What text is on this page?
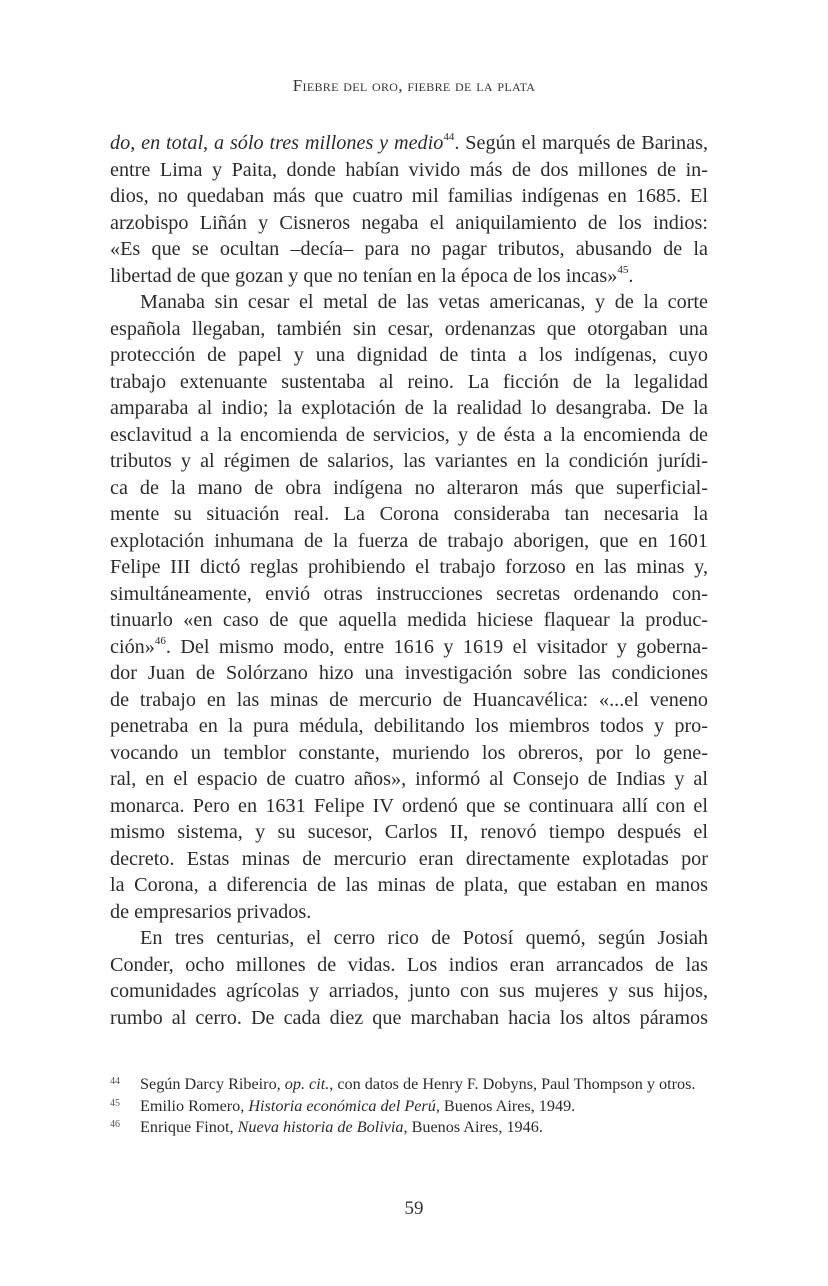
Fiebre del oro, fiebre de la plata
do, en total, a sólo tres millones y medio$^{44}$. Según el marqués de Barinas,
entre Lima y Paita, donde habían vivido más de dos millones de in-
dios, no quedaban más que cuatro mil familias indígenas en 1685. El
arzobispo Liñán y Cisneros negaba el aniquilamiento de los indios:
«Es que se ocultan –decía– para no pagar tributos, abusando de la
libertad de que gozan y que no tenían en la época de los incas»$^{45}$.
Manaba sin cesar el metal de las vetas americanas, y de la corte
española llegaban, también sin cesar, ordenanzas que otorgaban una
protección de papel y una dignidad de tinta a los indígenas, cuyo
trabajo extenuante sustentaba al reino. La ficción de la legalidad
amparaba al indio; la explotación de la realidad lo desangraba. De la
esclavitud a la encomienda de servicios, y de ésta a la encomienda de
tributos y al régimen de salarios, las variantes en la condición jurídi-
ca de la mano de obra indígena no alteraron más que superficial-
mente su situación real. La Corona consideraba tan necesaria la
explotación inhumana de la fuerza de trabajo aborigen, que en 1601
Felipe III dictó reglas prohibiendo el trabajo forzoso en las minas y,
simultáneamente, envió otras instrucciones secretas ordenando con-
tinuarlo «en caso de que aquella medida hiciese flaquear la produc-
ción»$^{46}$. Del mismo modo, entre 1616 y 1619 el visitador y goberna-
dor Juan de Solórzano hizo una investigación sobre las condiciones
de trabajo en las minas de mercurio de Huancavélica: «...el veneno
penetraba en la pura médula, debilitando los miembros todos y pro-
vocando un temblor constante, muriendo los obreros, por lo gene-
ral, en el espacio de cuatro años», informó al Consejo de Indias y al
monarca. Pero en 1631 Felipe IV ordenó que se continuara allí con el
mismo sistema, y su sucesor, Carlos II, renovó tiempo después el
decreto. Estas minas de mercurio eran directamente explotadas por
la Corona, a diferencia de las minas de plata, que estaban en manos
de empresarios privados.
En tres centurias, el cerro rico de Potosí quemó, según Josiah
Conder, ocho millones de vidas. Los indios eran arrancados de las
comunidades agrícolas y arriados, junto con sus mujeres y sus hijos,
rumbo al cerro. De cada diez que marchaban hacia los altos páramos
44 Según Darcy Ribeiro, op. cit., con datos de Henry F. Dobyns, Paul Thompson y otros.
45 Emilio Romero, Historia económica del Perú, Buenos Aires, 1949.
46 Enrique Finot, Nueva historia de Bolivia, Buenos Aires, 1946.
59
